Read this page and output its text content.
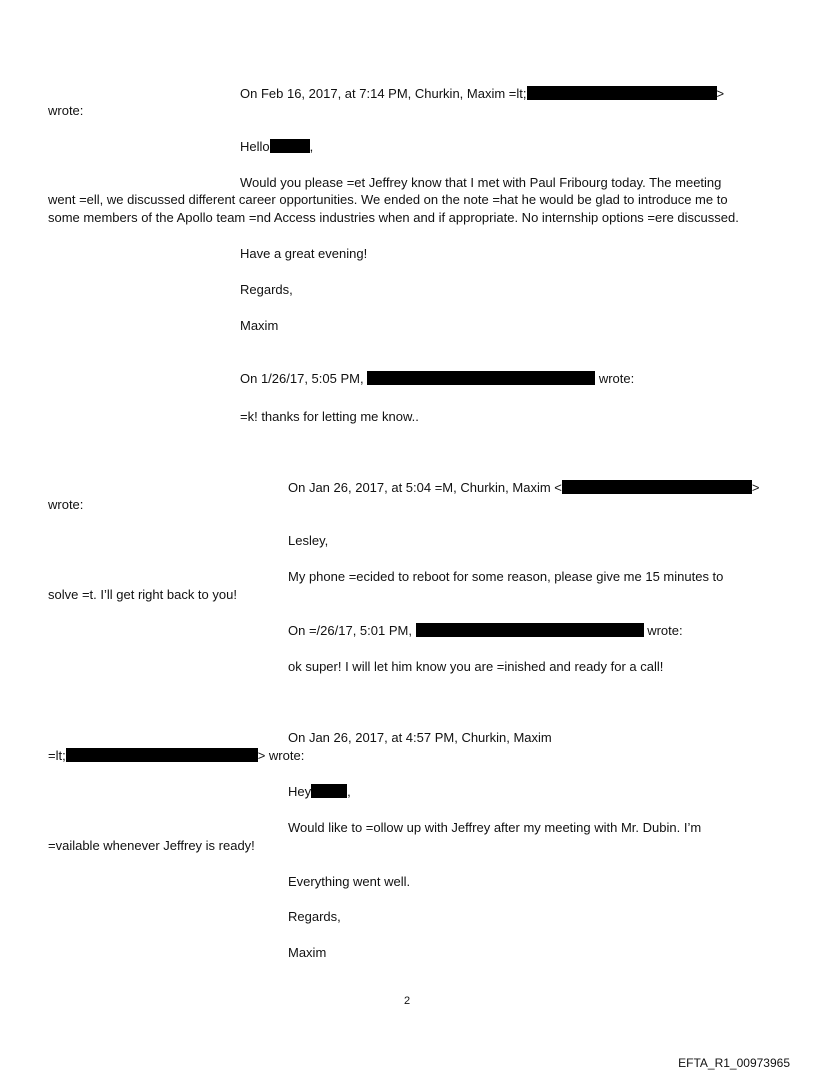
On Feb 16, 2017, at 7:14 PM, Churkin, Maxim =lt;	>
wrote:
Hello	,
Would you please =et Jeffrey know that I met with Paul Fribourg today. The meeting
went =ell, we discussed different career opportunities. We ended on the note =hat he would be glad to introduce me to
some members of the Apollo team =nd Access industries when and if appropriate. No internship options =ere discussed.
Have a great evening!
Regards,
Maxim
On 1/26/17, 5:05 PM,	wrote:
=k! thanks for letting me know..
On Jan 26, 2017, at 5:04 =M, Churkin, Maxim <	>
wrote:
Lesley,
My phone =ecided to reboot for some reason, please give me 15 minutes to
solve =t. I’ll get right back to you!
On =/26/17, 5:01 PM,	wrote:
ok super! I will let him know you are =inished and ready for a call!
On Jan 26, 2017, at 4:57 PM, Churkin, Maxim
=lt;	> wrote:
Hey	,
Would like to =ollow up with Jeffrey after my meeting with Mr. Dubin. I’m
=vailable whenever Jeffrey is ready!
Everything went well.
Regards,
Maxim
2
EFTA_R1_00973965
